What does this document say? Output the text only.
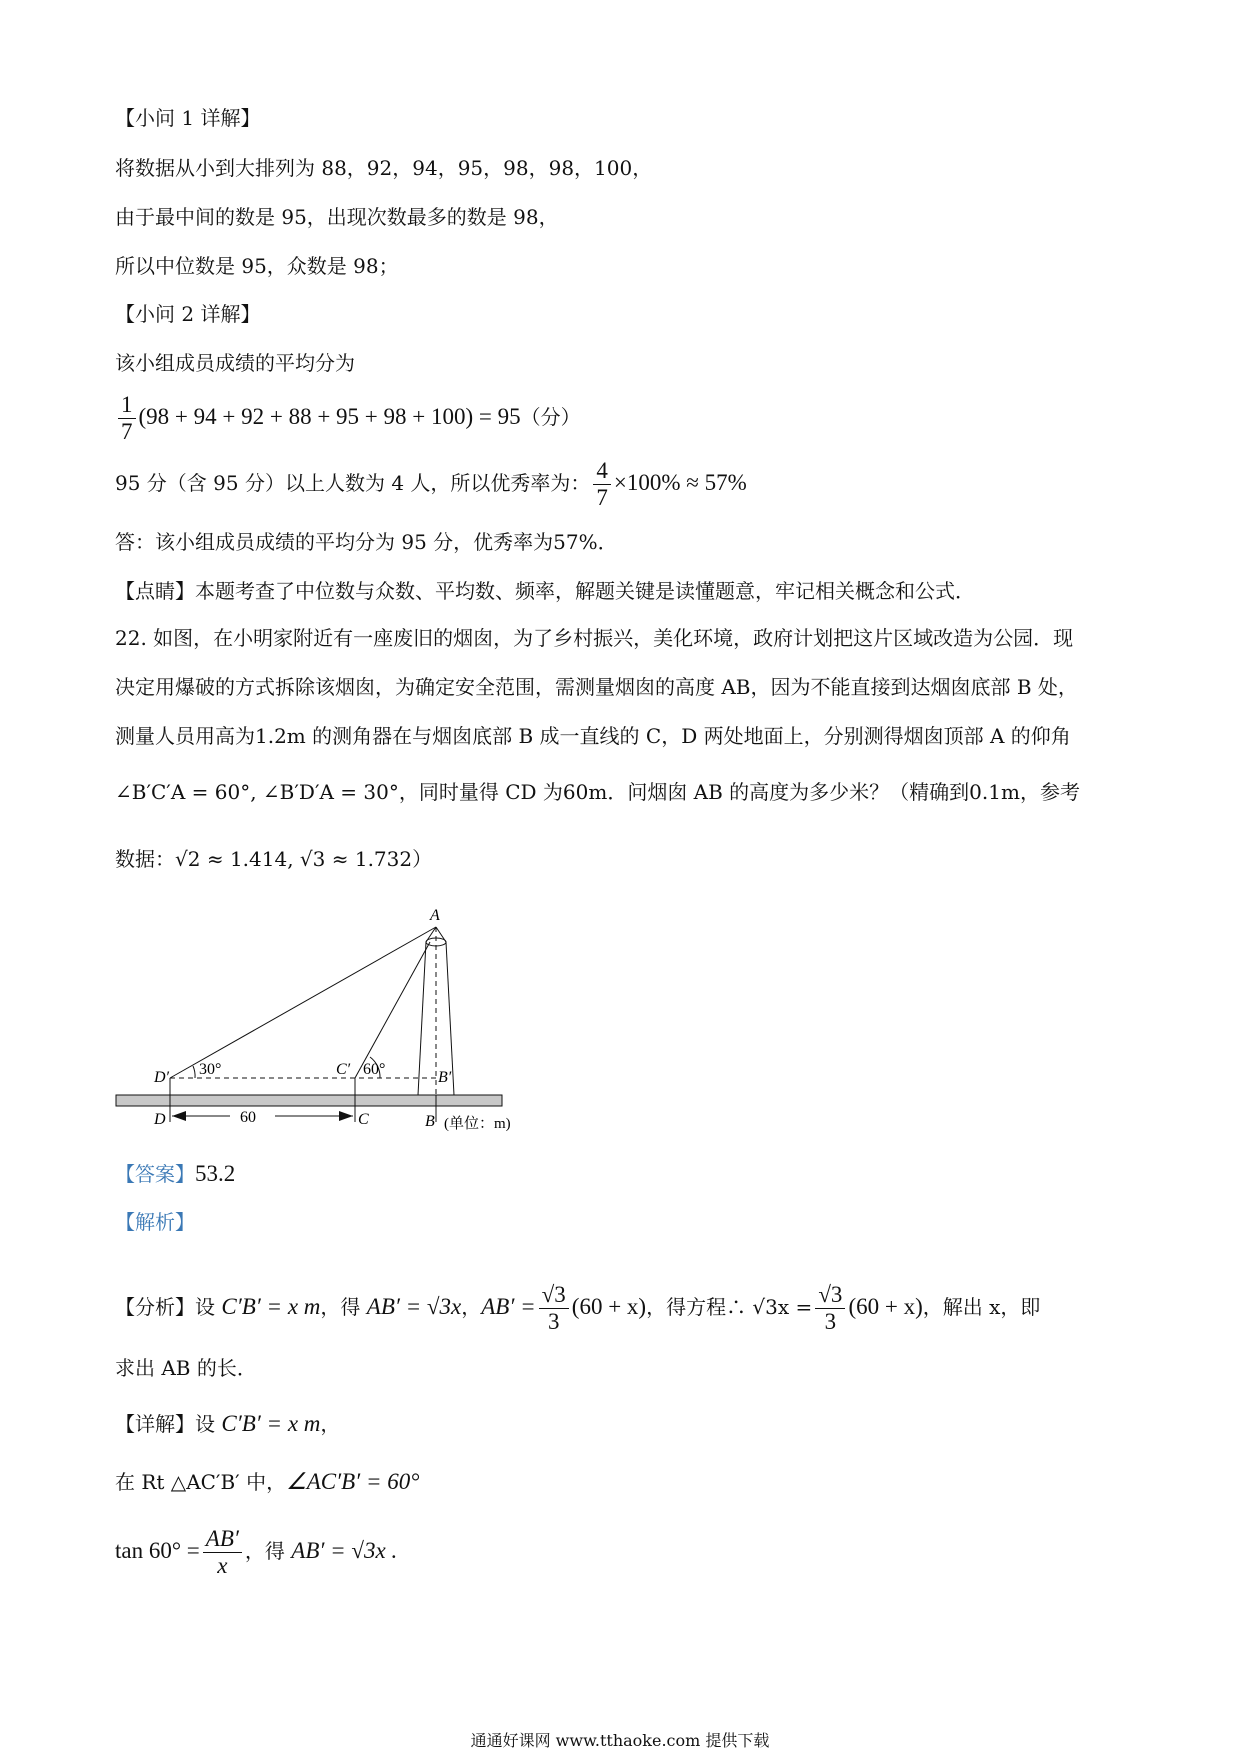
【小问 1 详解】
将数据从小到大排列为 88，92，94，95，98，98，100，
由于最中间的数是 95，出现次数最多的数是 98，
所以中位数是 95，众数是 98；
【小问 2 详解】
该小组成员成绩的平均分为
$\frac{1}{7} (98 + 94 + 92 + 88 + 95 + 98 + 100) = 95$（分）
95 分（含 95 分）以上人数为 4 人，所以优秀率为： $\frac{4}{7} \times 100\% \approx 57\%$
答：该小组成员成绩的平均分为 95 分，优秀率为57%．
【点睛】本题考查了中位数与众数、平均数、频率，解题关键是读懂题意，牢记相关概念和公式．
22. 如图，在小明家附近有一座废旧的烟囱，为了乡村振兴，美化环境，政府计划把这片区域改造为公园．现
决定用爆破的方式拆除该烟囱，为确定安全范围，需测量烟囱的高度 AB，因为不能直接到达烟囱底部 B 处，
测量人员用高为1.2m 的测角器在与烟囱底部 B 成一直线的 C，D 两处地面上，分别测得烟囱顶部 A 的仰角
∠B′C′A = 60°, ∠B′D′A = 30°，同时量得 CD 为60m．问烟囱 AB 的高度为多少米？（精确到0.1m，参考
数据：√2 ≈ 1.414, √3 ≈ 1.732）
A
D′	C′	B′
30°	60°
D	C	B
60	(单位：m)
【答案】53.2
【解析】
【分析】设 C′B′ = x m，得 AB′ = √3x，$AB' = \frac{√3}{3} (60 + x)$，得方程∴ $√3x = \frac{√3}{3} (60 + x)$，解出 x，即
求出 AB 的长．
【详解】设 C′B′ = x m，
在 Rt △AC′B′ 中，∠AC′B′ = 60°
$\tan 60^\circ = \frac{AB'}{x}$ ，得 AB′ = √3x .
通通好课网 www.tthaoke.com 提供下载
